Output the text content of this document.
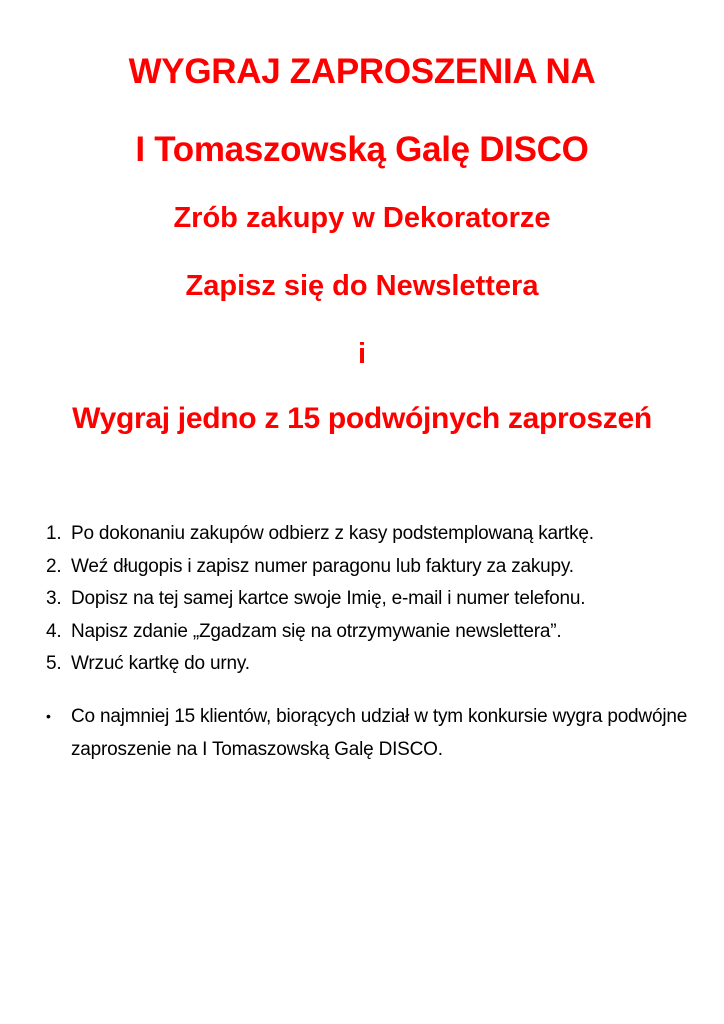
WYGRAJ ZAPROSZENIA NA
I Tomaszowską Galę DISCO
Zrób zakupy w Dekoratorze
Zapisz się do Newslettera
i
Wygraj jedno z 15 podwójnych zaproszeń
1. Po dokonaniu zakupów odbierz z kasy podstemplowaną kartkę.
2. Weź długopis i zapisz numer paragonu lub faktury za zakupy.
3. Dopisz na tej samej kartce swoje Imię, e-mail i numer telefonu.
4. Napisz zdanie „Zgadzam się na otrzymywanie newslettera”.
5. Wrzuć kartkę do urny.
•	Co najmniej 15 klientów, biorących udział w tym konkursie wygra podwójne zaproszenie na I Tomaszowską Galę DISCO.
